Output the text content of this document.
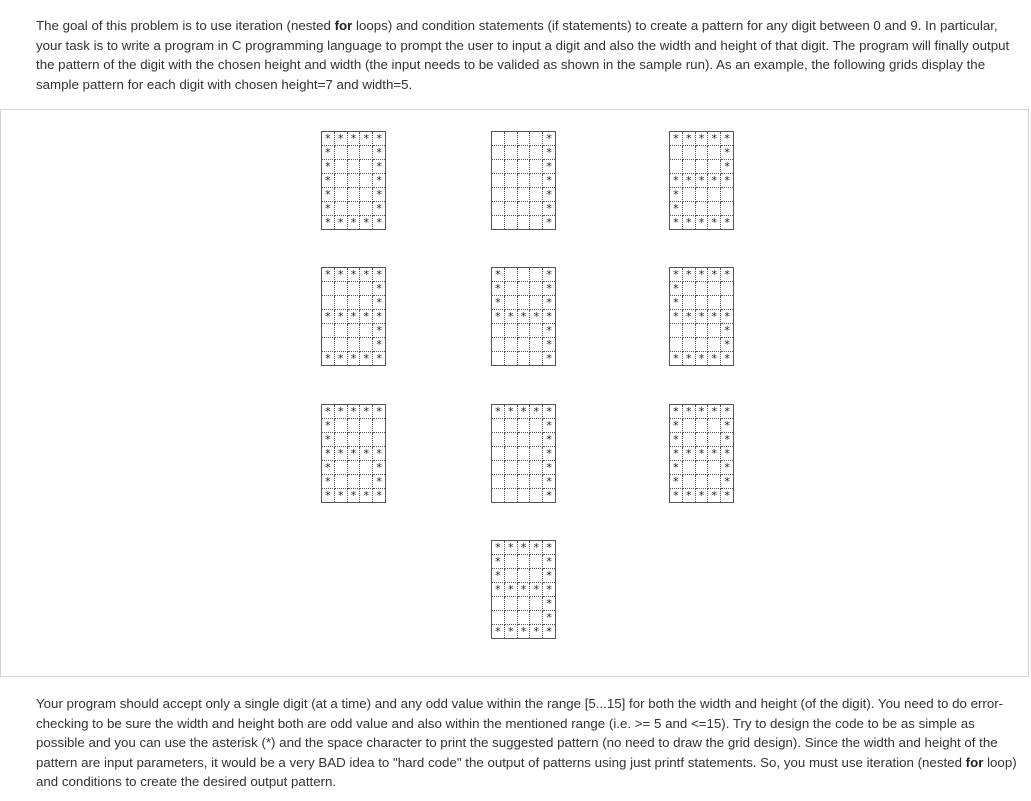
The goal of this problem is to use iteration (nested for loops) and condition statements (if statements) to create a pattern for any digit between 0 and 9. In particular, your task is to write a program in C programming language to prompt the user to input a digit and also the width and height of that digit. The program will finally output the pattern of the digit with the chosen height and width (the input needs to be valided as shown in the sample run). As an example, the following grids display the sample pattern for each digit with chosen height=7 and width=5.

*	*	*	*	*
*				*
*				*
*				*
*				*
*				*
*	*	*	*	*
				*
				*
				*
				*
				*
				*
				*
*	*	*	*	*
				*
				*
*	*	*	*	*
*				
*				
*	*	*	*	*
*	*	*	*	*
				*
				*
*	*	*	*	*
				*
				*
*	*	*	*	*
*				*
*				*
*				*
*	*	*	*	*
				*
				*
				*
*	*	*	*	*
*				
*				
*	*	*	*	*
				*
				*
*	*	*	*	*
*	*	*	*	*
*				
*				
*	*	*	*	*
*				*
*				*
*	*	*	*	*
*	*	*	*	*
				*
				*
				*
				*
				*
				*
*	*	*	*	*
*				*
*				*
*	*	*	*	*
*				*
*				*
*	*	*	*	*
*	*	*	*	*
*				*
*				*
*	*	*	*	*
				*
				*
*	*	*	*	*

Your program should accept only a single digit (at a time) and any odd value within the range [5...15] for both the width and height (of the digit). You need to do error-checking to be sure the width and height both are odd value and also within the mentioned range (i.e. >= 5 and <=15). Try to design the code to be as simple as possible and you can use the asterisk (*) and the space character to print the suggested pattern (no need to draw the grid design). Since the width and height of the pattern are input parameters, it would be a very BAD idea to "hard code" the output of patterns using just printf statements. So, you must use iteration (nested for loop) and conditions to create the desired output pattern.
